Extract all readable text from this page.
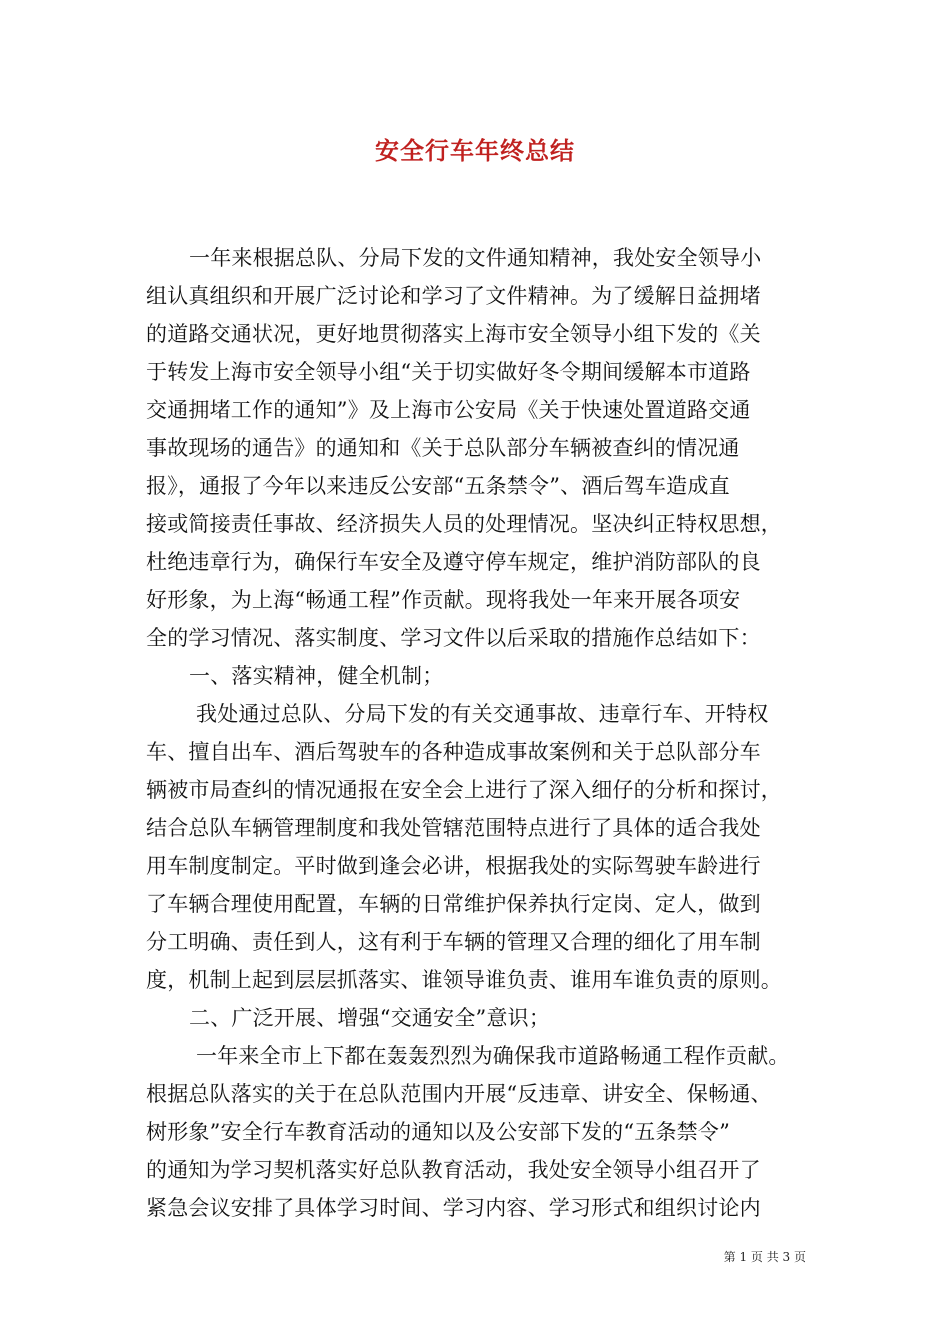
安全行车年终总结
一年来根据总队、分局下发的文件通知精神，我处安全领导小
组认真组织和开展广泛讨论和学习了文件精神。为了缓解日益拥堵
的道路交通状况，更好地贯彻落实上海市安全领导小组下发的《关
于转发上海市安全领导小组“关于切实做好冬令期间缓解本市道路
交通拥堵工作的通知”》及上海市公安局《关于快速处置道路交通
事故现场的通告》的通知和《关于总队部分车辆被查纠的情况通
报》，通报了今年以来违反公安部“五条禁令”、酒后驾车造成直
接或简接责任事故、经济损失人员的处理情况。坚决纠正特权思想，
杜绝违章行为，确保行车安全及遵守停车规定，维护消防部队的良
好形象，为上海“畅通工程”作贡献。现将我处一年来开展各项安
全的学习情况、落实制度、学习文件以后采取的措施作总结如下：
一、落实精神，健全机制；
我处通过总队、分局下发的有关交通事故、违章行车、开特权
车、擅自出车、酒后驾驶车的各种造成事故案例和关于总队部分车
辆被市局查纠的情况通报在安全会上进行了深入细仔的分析和探讨，
结合总队车辆管理制度和我处管辖范围特点进行了具体的适合我处
用车制度制定。平时做到逢会必讲，根据我处的实际驾驶车龄进行
了车辆合理使用配置，车辆的日常维护保养执行定岗、定人，做到
分工明确、责任到人，这有利于车辆的管理又合理的细化了用车制
度，机制上起到层层抓落实、谁领导谁负责、谁用车谁负责的原则。
二、广泛开展、增强“交通安全”意识；
一年来全市上下都在轰轰烈烈为确保我市道路畅通工程作贡献。
根据总队落实的关于在总队范围内开展“反违章、讲安全、保畅通、
树形象”安全行车教育活动的通知以及公安部下发的“五条禁令”
的通知为学习契机落实好总队教育活动，我处安全领导小组召开了
紧急会议安排了具体学习时间、学习内容、学习形式和组织讨论内
第 1 页 共 3 页
